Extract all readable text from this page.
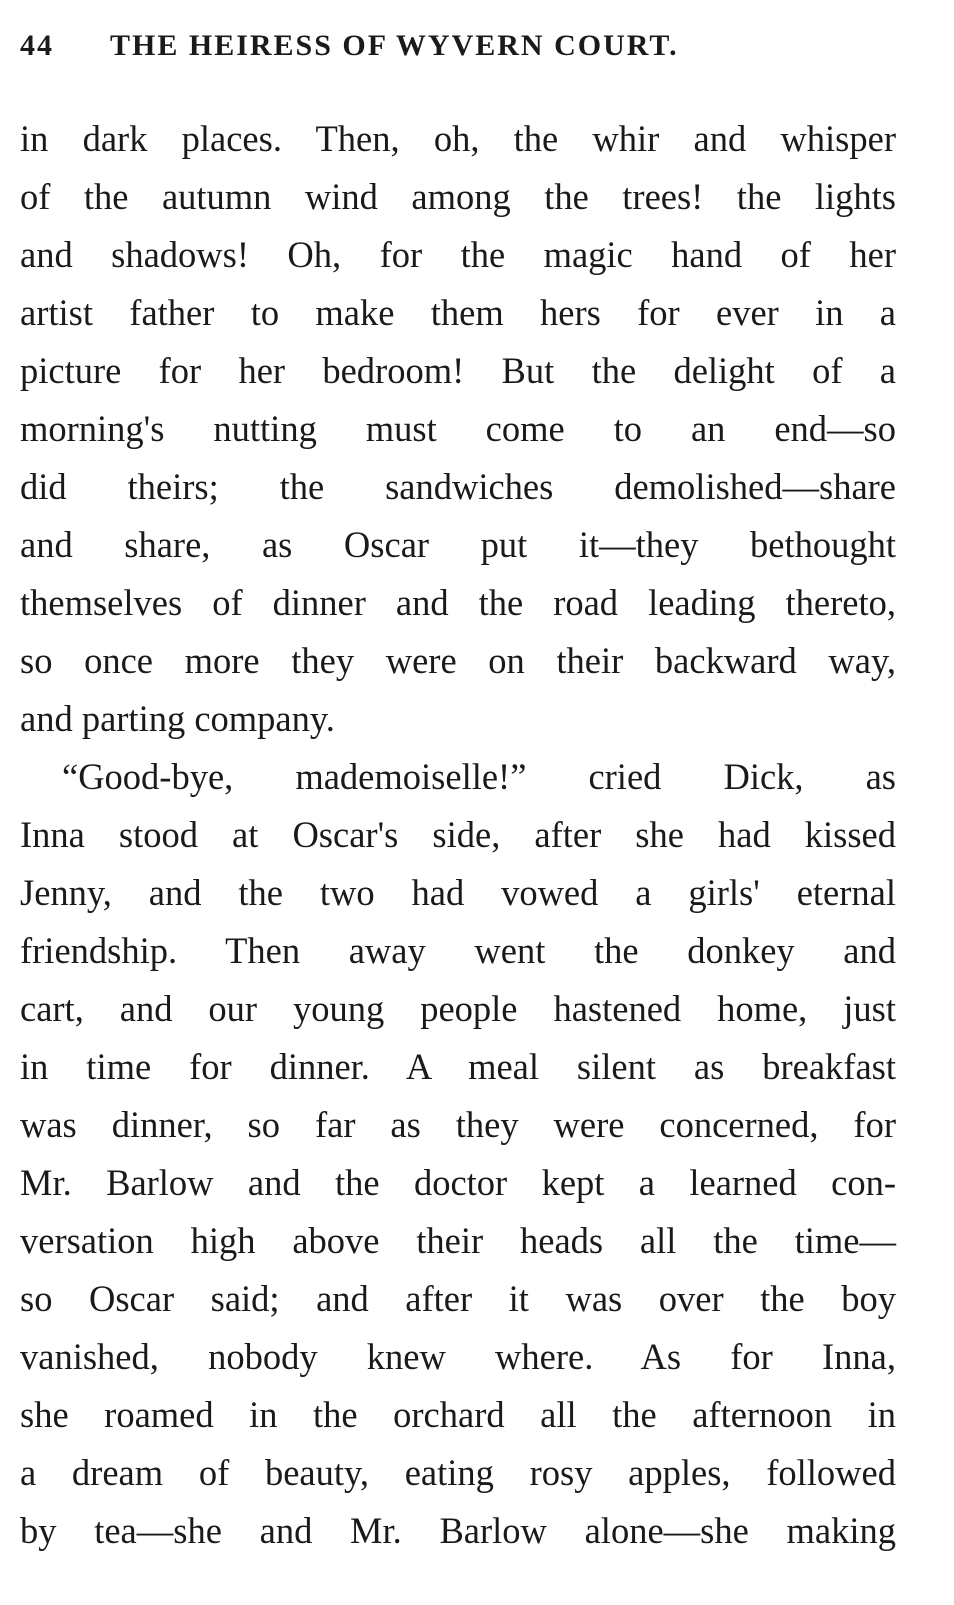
44	THE HEIRESS OF WYVERN COURT.
in dark places. Then, oh, the whir and whisper
of the autumn wind among the trees! the lights
and shadows! Oh, for the magic hand of her
artist father to make them hers for ever in a
picture for her bedroom! But the delight of a
morning's nutting must come to an end—so
did theirs; the sandwiches demolished—share
and share, as Oscar put it—they bethought
themselves of dinner and the road leading thereto,
so once more they were on their backward way,
and parting company.
“Good-bye, mademoiselle!” cried Dick, as
Inna stood at Oscar's side, after she had kissed
Jenny, and the two had vowed a girls' eternal
friendship. Then away went the donkey and
cart, and our young people hastened home, just
in time for dinner. A meal silent as breakfast
was dinner, so far as they were concerned, for
Mr. Barlow and the doctor kept a learned con-
versation high above their heads all the time—
so Oscar said; and after it was over the boy
vanished, nobody knew where. As for Inna,
she roamed in the orchard all the afternoon in
a dream of beauty, eating rosy apples, followed
by tea—she and Mr. Barlow alone—she making
